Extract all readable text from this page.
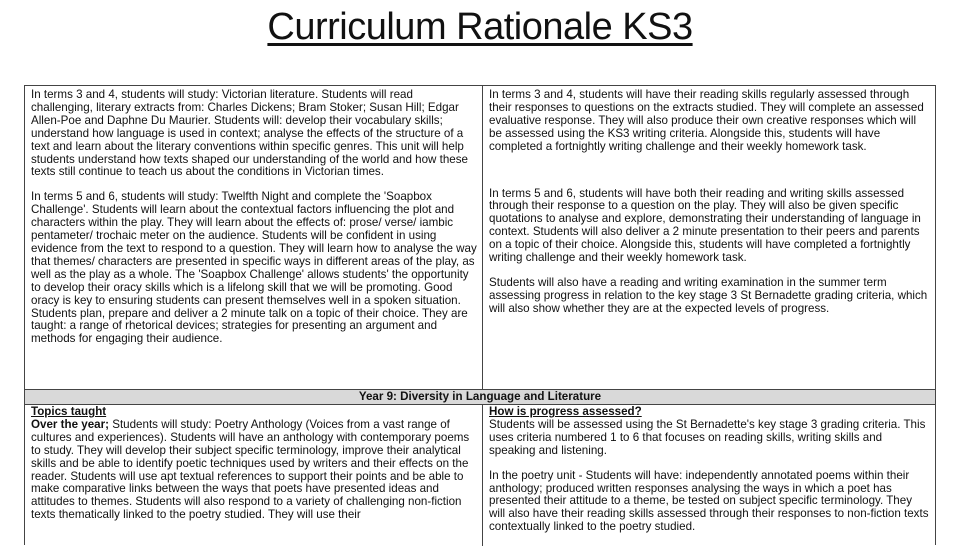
Curriculum Rationale KS3

In terms 3 and 4, students will study: Victorian literature. Students will read challenging, literary extracts from: Charles Dickens; Bram Stoker; Susan Hill; Edgar Allen-Poe and Daphne Du Maurier. Students will: develop their vocabulary skills; understand how language is used in context; analyse the effects of the structure of a text and learn about the literary conventions within specific genres. This unit will help students understand how texts shaped our understanding of the world and how these texts still continue to teach us about the conditions in Victorian times.

In terms 5 and 6, students will study: Twelfth Night and complete the 'Soapbox Challenge'. Students will learn about the contextual factors influencing the plot and characters within the play. They will learn about the effects of: prose/ verse/ iambic pentameter/ trochaic meter on the audience. Students will be confident in using evidence from the text to respond to a question. They will learn how to analyse the way that themes/ characters are presented in specific ways in different areas of the play, as well as the play as a whole. The 'Soapbox Challenge' allows students' the opportunity to develop their oracy skills which is a lifelong skill that we will be promoting. Good oracy is key to ensuring students can present themselves well in a spoken situation. Students plan, prepare and deliver a 2 minute talk on a topic of their choice. They are taught: a range of rhetorical devices; strategies for presenting an argument and methods for engaging their audience.

In terms 3 and 4, students will have their reading skills regularly assessed through their responses to questions on the extracts studied. They will complete an assessed evaluative response. They will also produce their own creative responses which will be assessed using the KS3 writing criteria. Alongside this, students will have completed a fortnightly writing challenge and their weekly homework task.

In terms 5 and 6, students will have both their reading and writing skills assessed through their response to a question on the play. They will also be given specific quotations to analyse and explore, demonstrating their understanding of language in context. Students will also deliver a 2 minute presentation to their peers and parents on a topic of their choice. Alongside this, students will have completed a fortnightly writing challenge and their weekly homework task.

Students will also have a reading and writing examination in the summer term assessing progress in relation to the key stage 3 St Bernadette grading criteria, which will also show whether they are at the expected levels of progress.

Year 9: Diversity in Language and Literature
Topics taught
Over the year; Students will study: Poetry Anthology (Voices from a vast range of cultures and experiences). Students will have an anthology with contemporary poems to study. They will develop their subject specific terminology, improve their analytical skills and be able to identify poetic techniques used by writers and their effects on the reader. Students will use apt textual references to support their points and be able to make comparative links between the ways that poets have presented ideas and attitudes to themes. Students will also respond to a variety of challenging non-fiction texts thematically linked to the poetry studied. They will use their
How is progress assessed?

Students will be assessed using the St Bernadette's key stage 3 grading criteria. This uses criteria numbered 1 to 6 that focuses on reading skills, writing skills and speaking and listening.

In the poetry unit - Students will have: independently annotated poems within their anthology; produced written responses analysing the ways in which a poet has presented their attitude to a theme, be tested on subject specific terminology. They will also have their reading skills assessed through their responses to non-fiction texts contextually linked to the poetry studied.
